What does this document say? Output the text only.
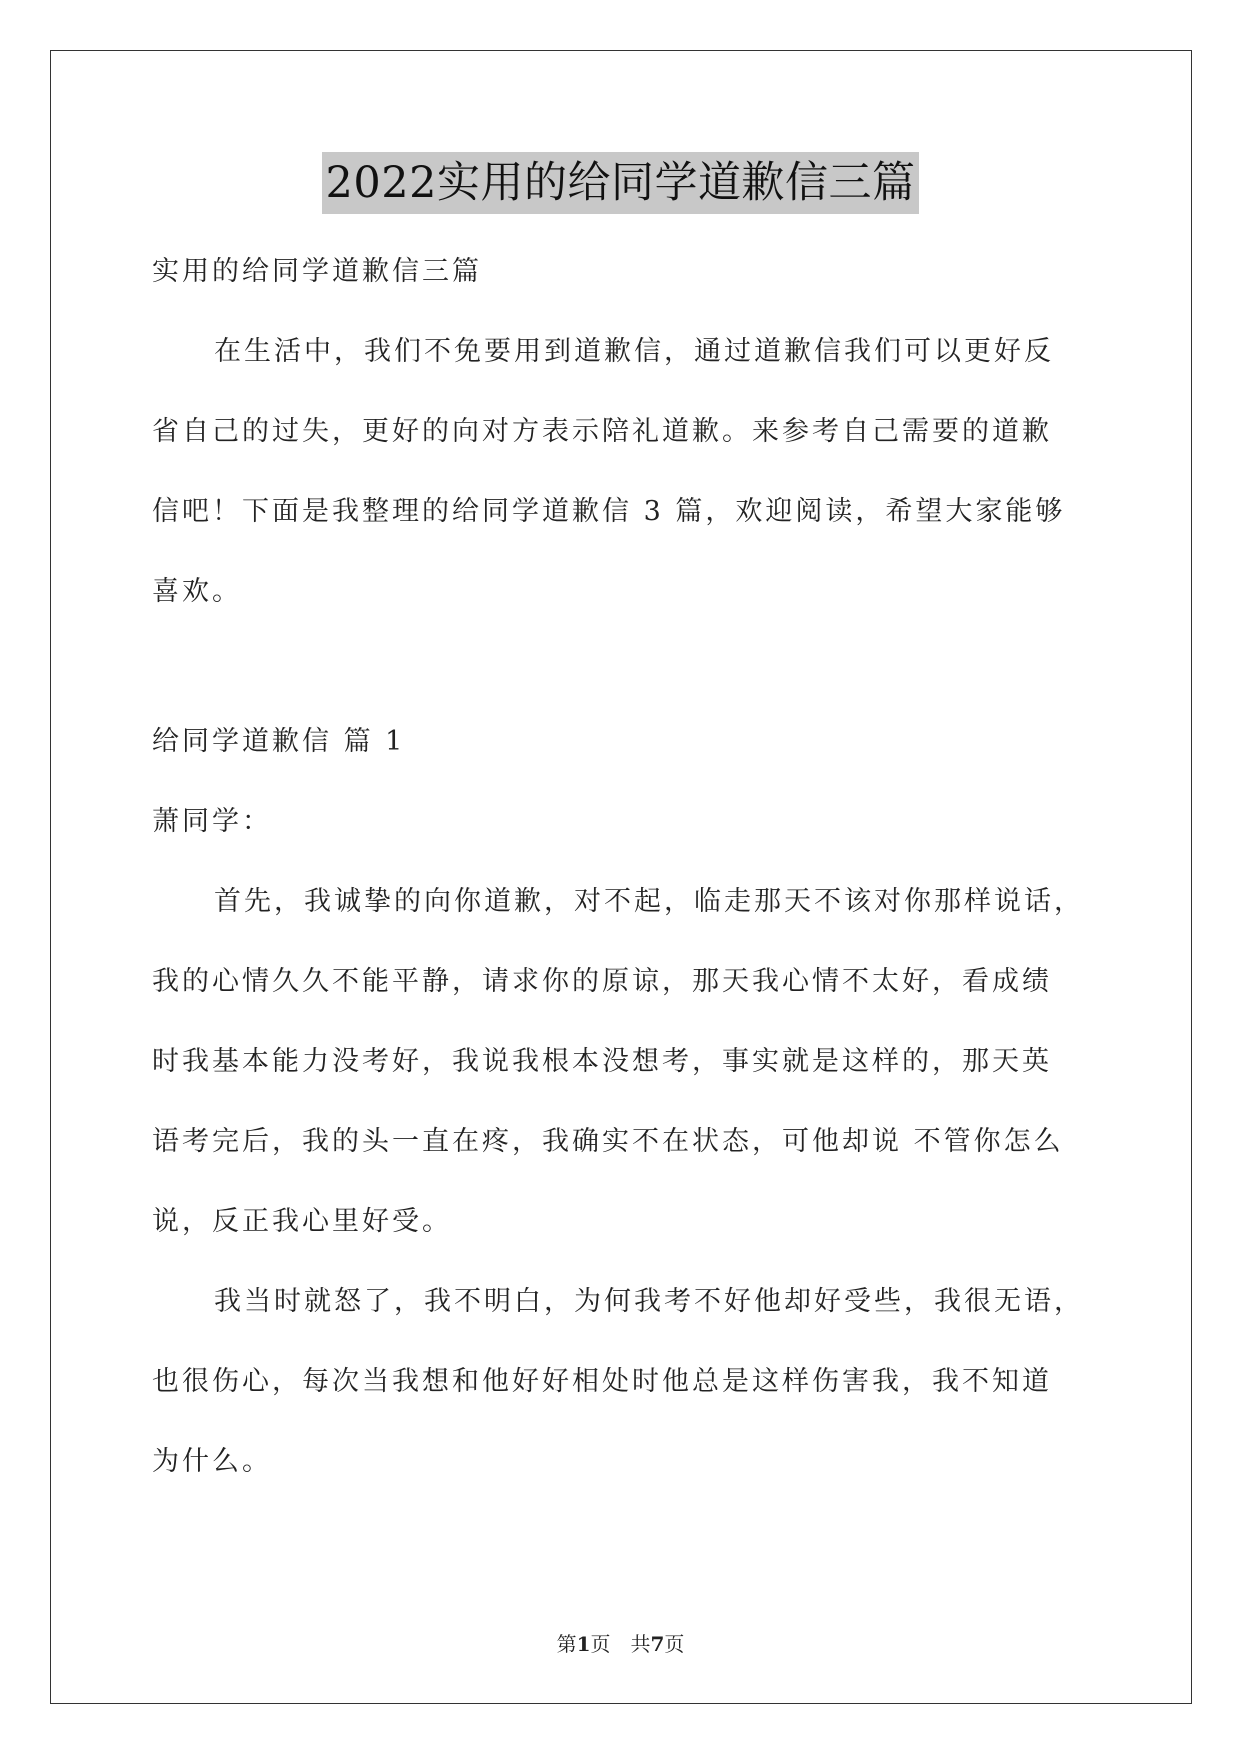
2022实用的给同学道歉信三篇
实用的给同学道歉信三篇
在生活中，我们不免要用到道歉信，通过道歉信我们可以更好反
省自己的过失，更好的向对方表示陪礼道歉。来参考自己需要的道歉
信吧！下面是我整理的给同学道歉信 3 篇，欢迎阅读，希望大家能够
喜欢。
给同学道歉信 篇 1
萧同学：
首先，我诚挚的向你道歉，对不起，临走那天不该对你那样说话，
我的心情久久不能平静，请求你的原谅，那天我心情不太好，看成绩
时我基本能力没考好，我说我根本没想考，事实就是这样的，那天英
语考完后，我的头一直在疼，我确实不在状态，可他却说 不管你怎么
说，反正我心里好受。
我当时就怒了，我不明白，为何我考不好他却好受些，我很无语，
也很伤心，每次当我想和他好好相处时他总是这样伤害我，我不知道
为什么。
第1页　共7页
